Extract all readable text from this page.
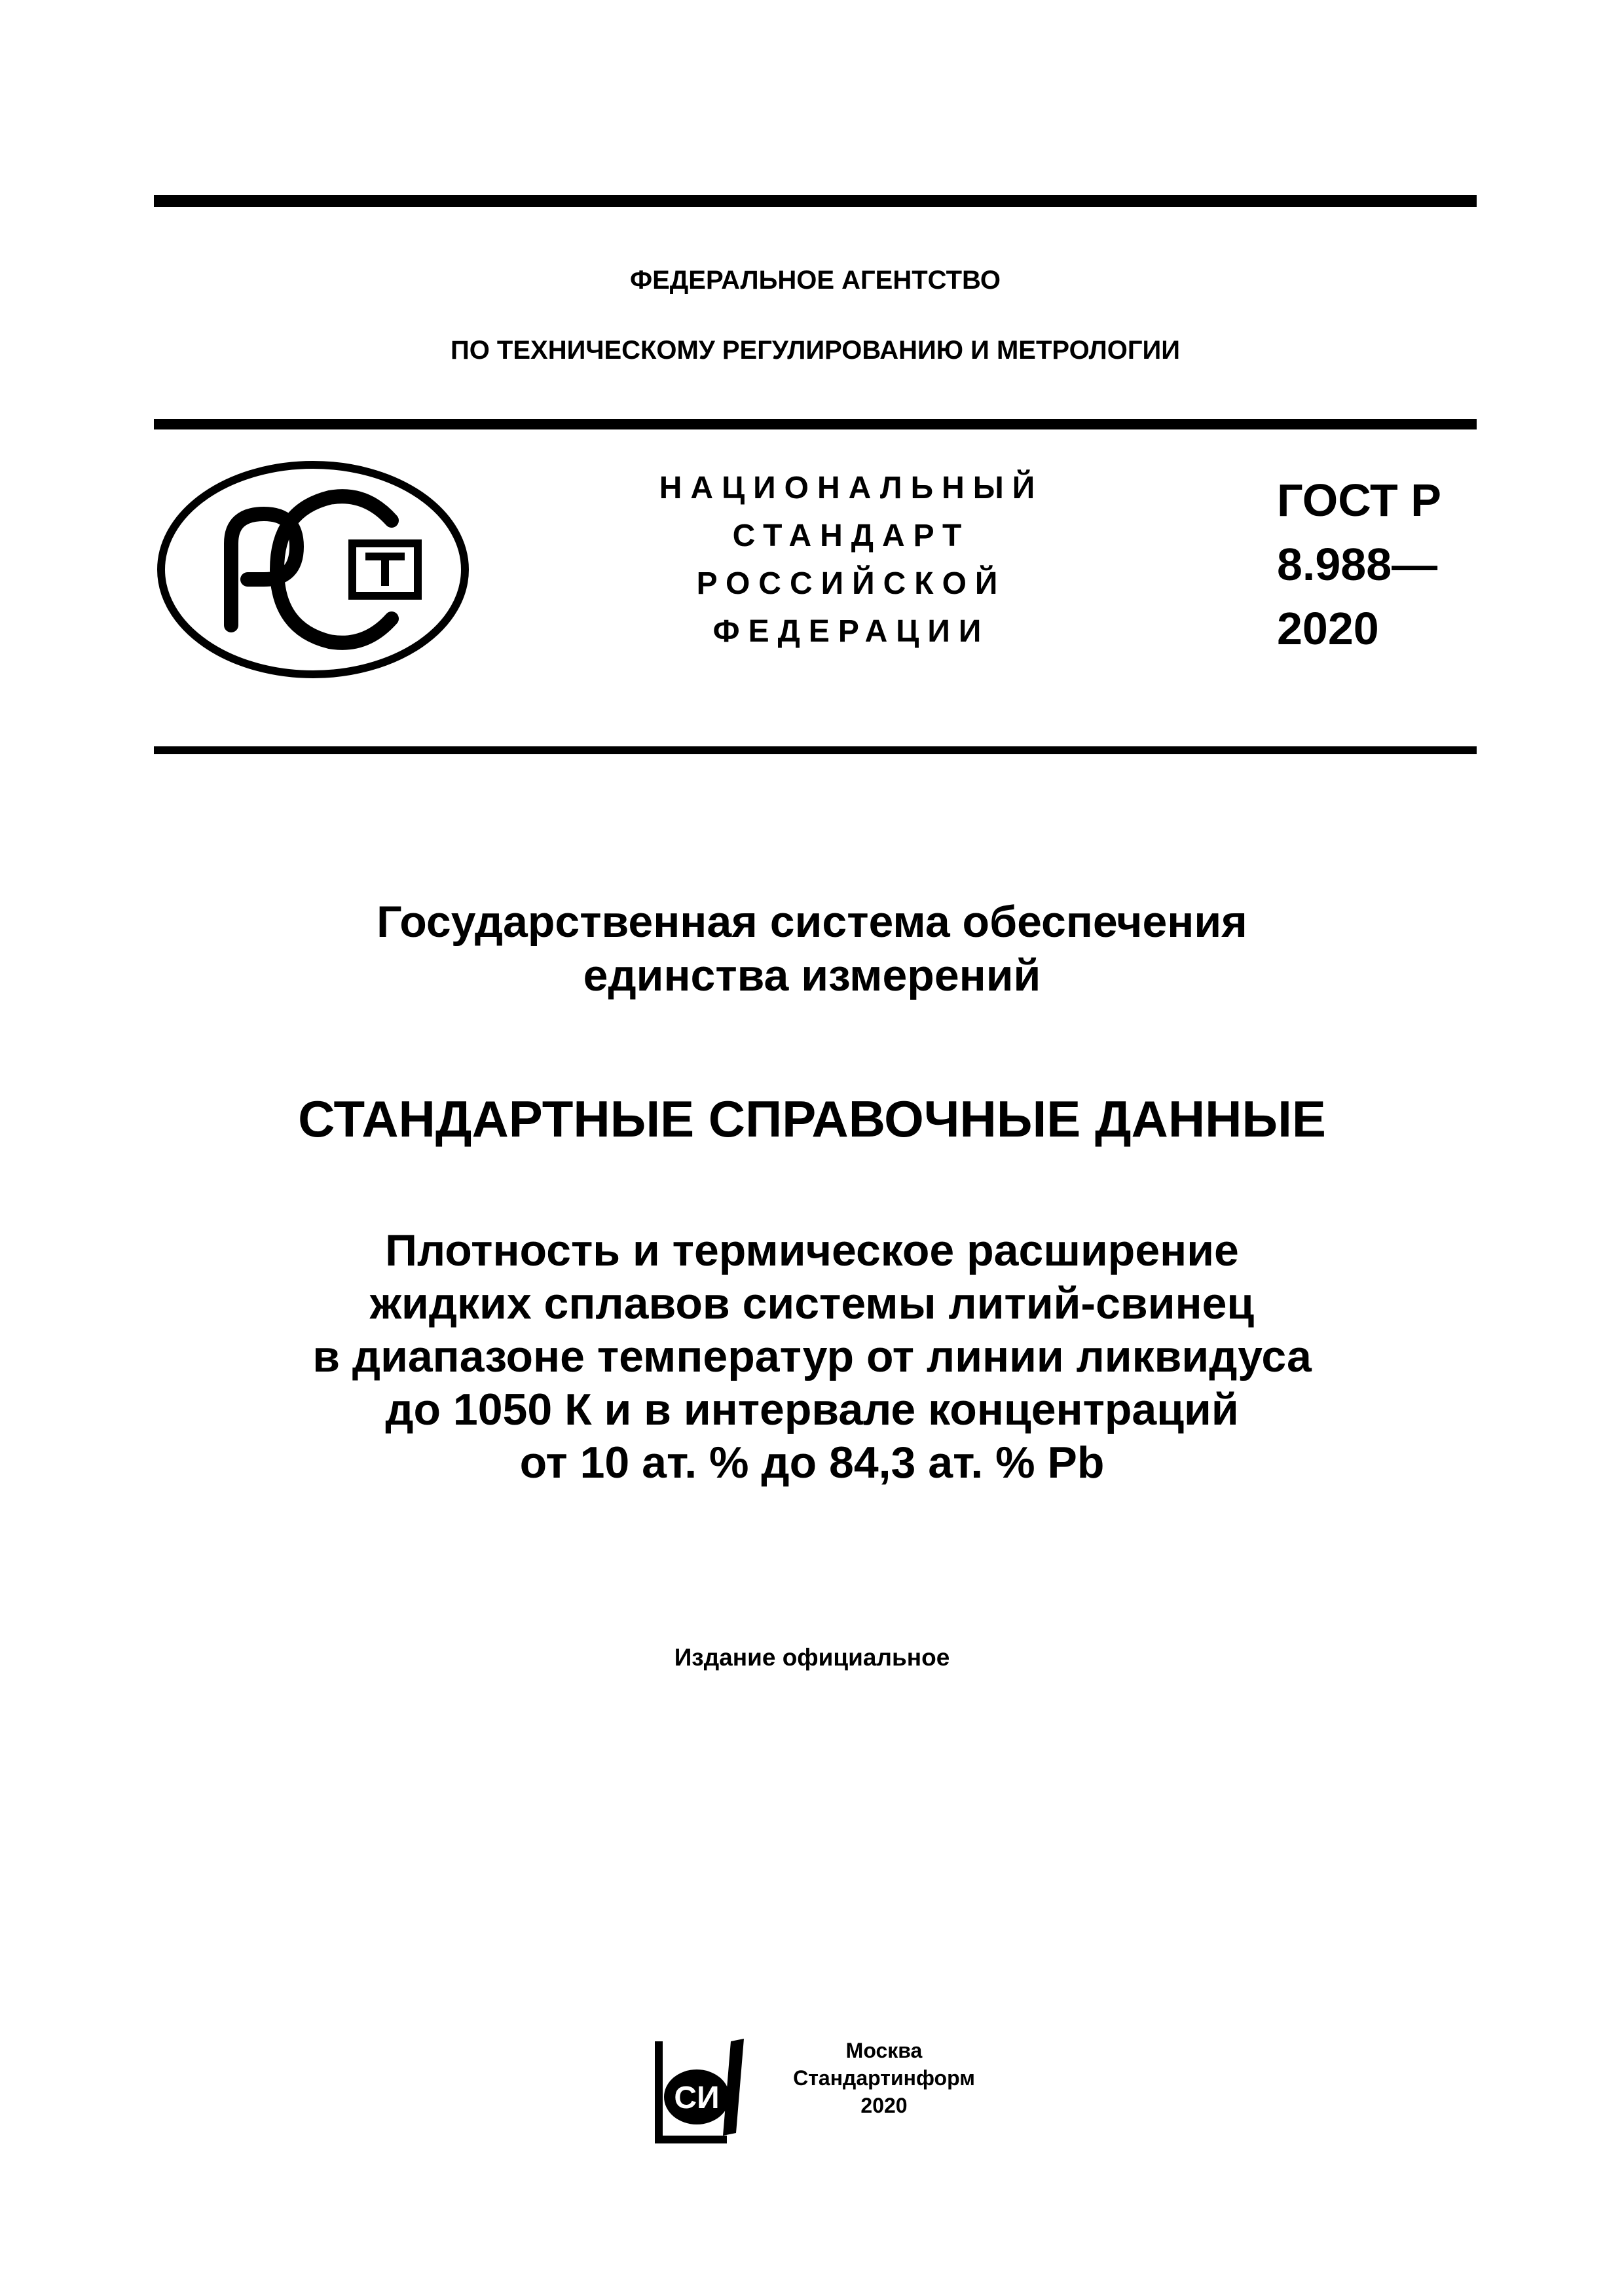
ФЕДЕРАЛЬНОЕ АГЕНТСТВО
ПО ТЕХНИЧЕСКОМУ РЕГУЛИРОВАНИЮ И МЕТРОЛОГИИ
НАЦИОНАЛЬНЫЙ
СТАНДАРТ
РОССИЙСКОЙ
ФЕДЕРАЦИИ
ГОСТ Р
8.988—
2020
Государственная система обеспечения
единства измерений
СТАНДАРТНЫЕ СПРАВОЧНЫЕ ДАННЫЕ
Плотность и термическое расширение
жидких сплавов системы литий-свинец
в диапазоне температур от линии ликвидуса
до 1050 К и в интервале концентраций
от 10 ат. % до 84,3 ат. % Pb
Издание официальное
СИ
Москва
Стандартинформ
2020
